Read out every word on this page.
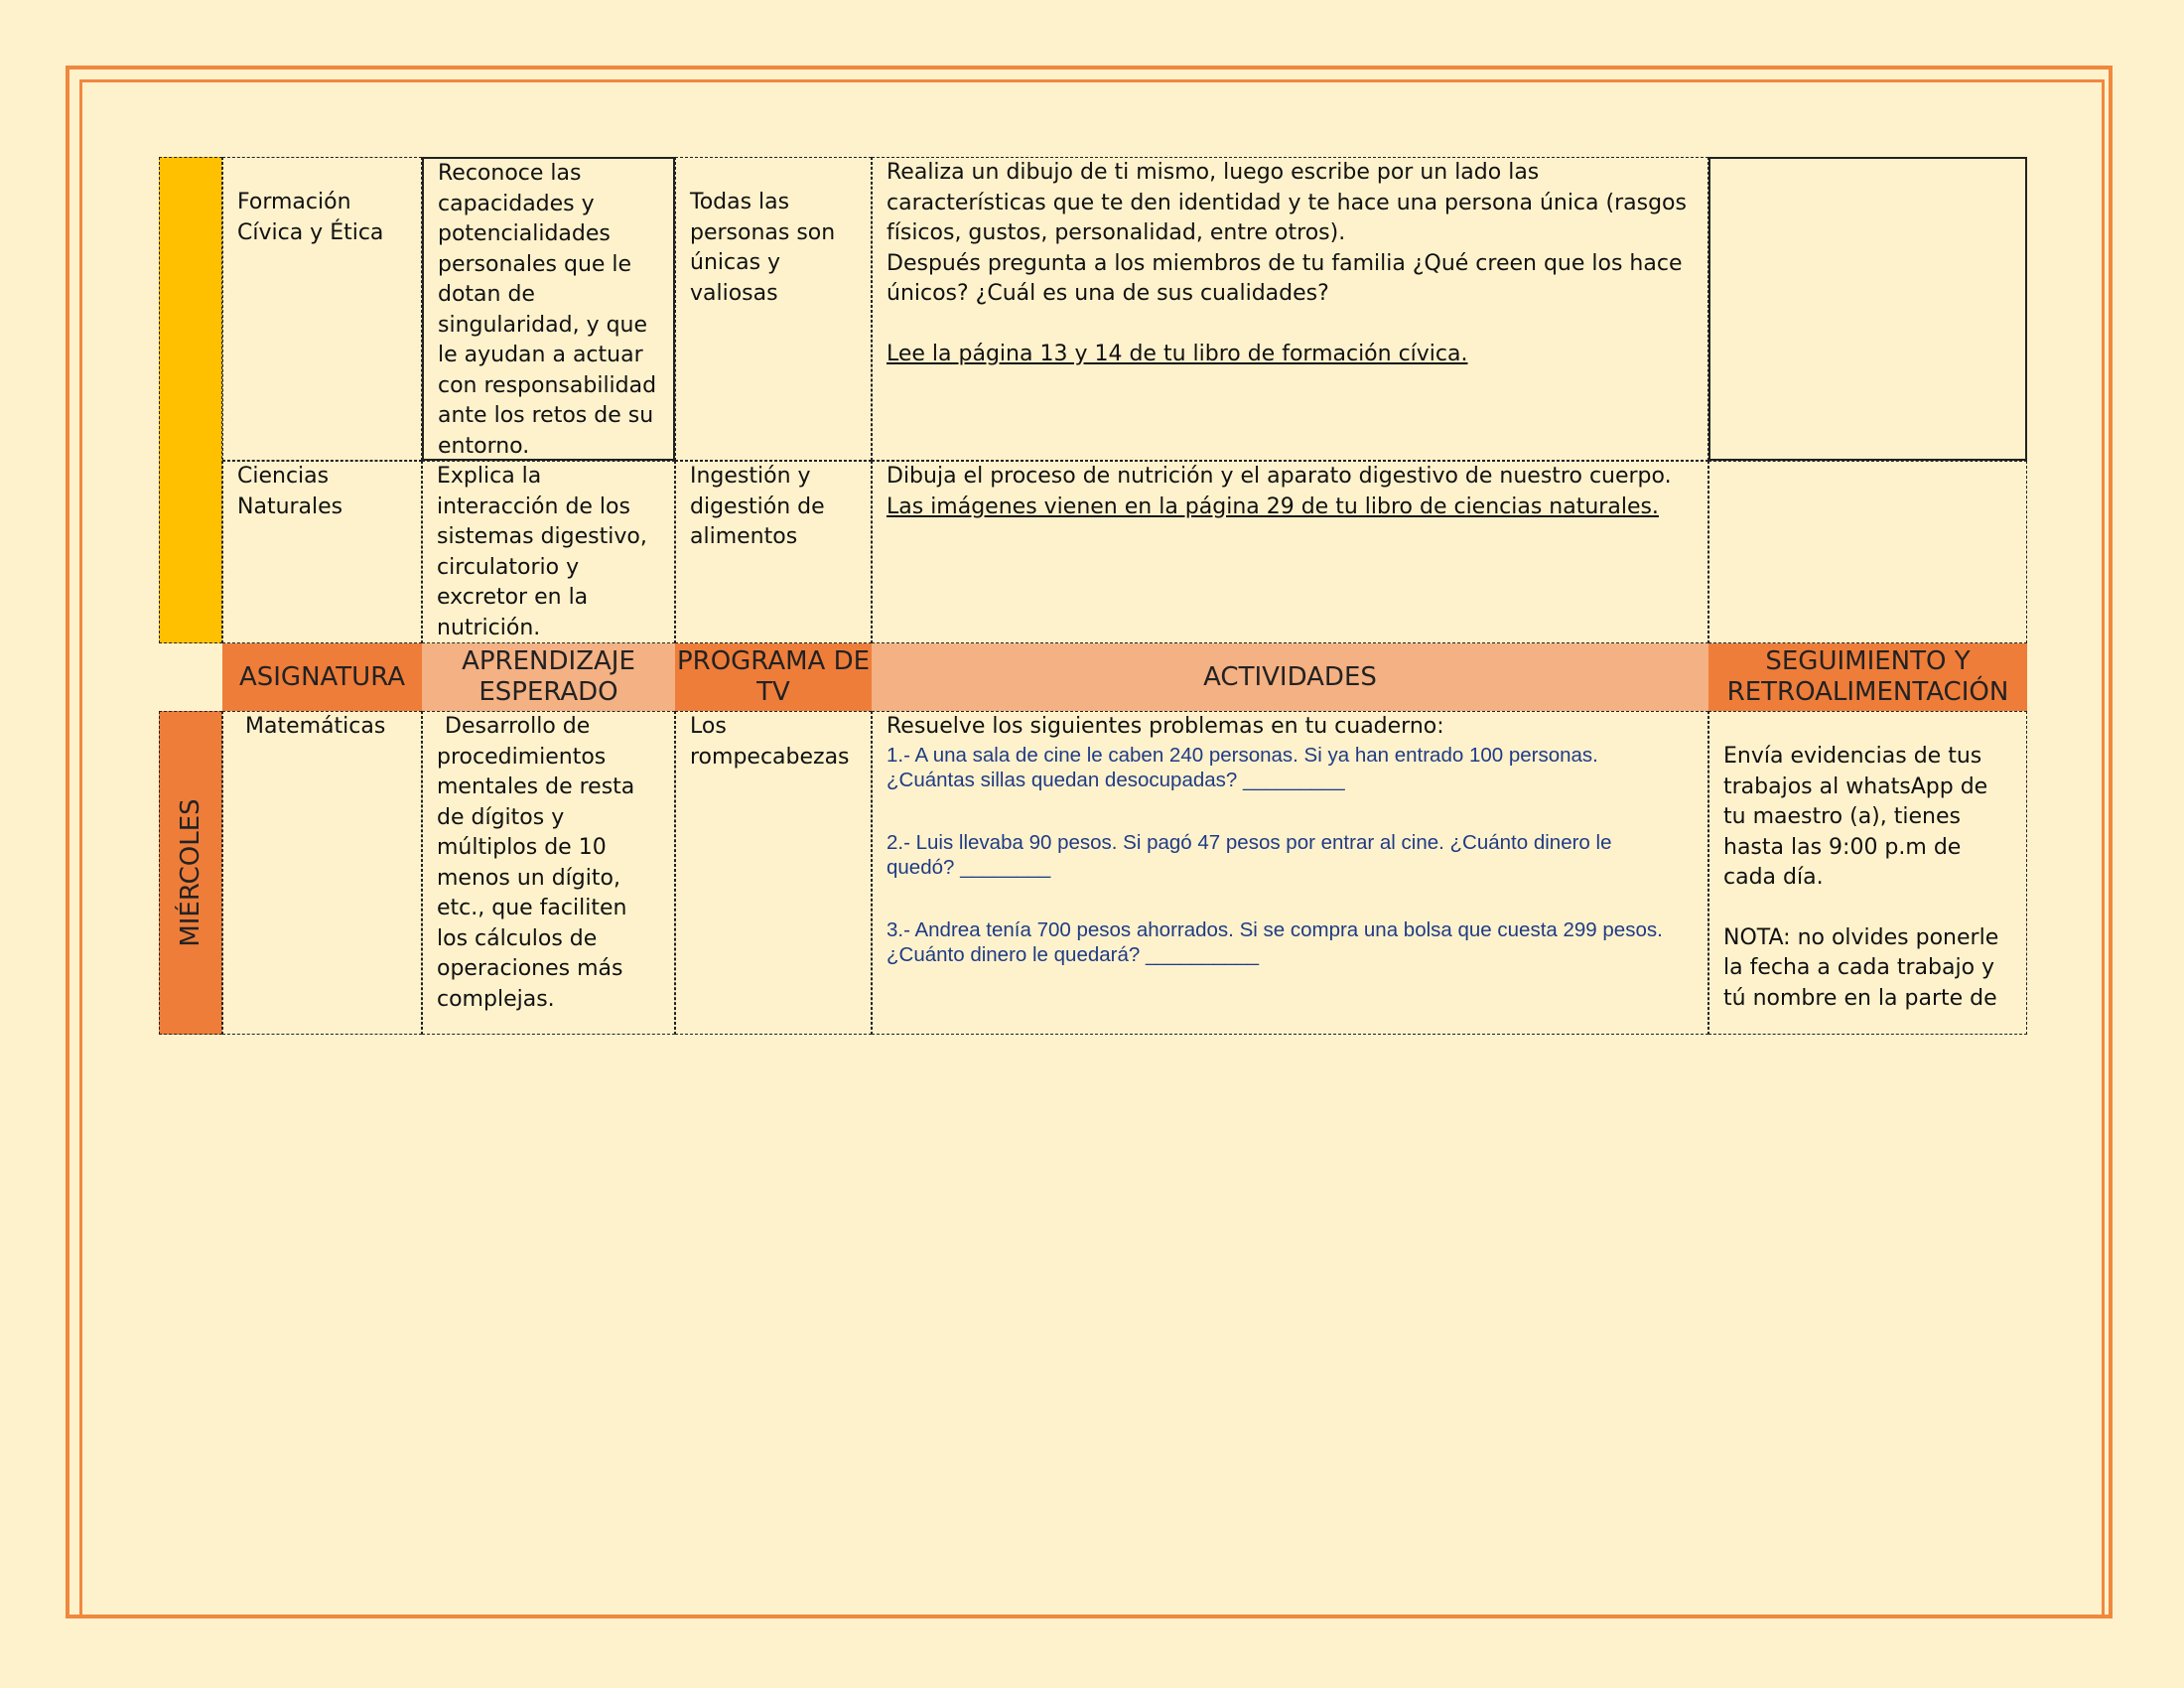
Formación Cívica y Ética

Reconoce las capacidades y potencialidades personales que le dotan de singularidad, y que le ayudan a actuar con responsabilidad ante los retos de su entorno.

Todas las personas son únicas y valiosas

Realiza un dibujo de ti mismo, luego escribe por un lado las características que te den identidad y te hace una persona única (rasgos físicos, gustos, personalidad, entre otros).

Después pregunta a los miembros de tu familia ¿Qué creen que los hace únicos? ¿Cuál es una de sus cualidades?

Lee la página 13 y 14 de tu libro de formación cívica.

Ciencias Naturales

Explica la interacción de los sistemas digestivo, circulatorio y excretor en la nutrición.

Ingestión y digestión de alimentos

Dibuja el proceso de nutrición y el aparato digestivo de nuestro cuerpo.

Las imágenes vienen en la página 29 de tu libro de ciencias naturales.

ASIGNATURA
APRENDIZAJE ESPERADO
PROGRAMA DE TV
ACTIVIDADES
SEGUIMIENTO Y RETROALIMENTACIÓN
MIÉRCOLES

Matemáticas	Desarrollo de procedimientos mentales de resta de dígitos y múltiplos de 10 menos un dígito, etc., que faciliten los cálculos de operaciones más complejas.

Los rompecabezas

Resuelve los siguientes problemas en tu cuaderno:

1.- A una sala de cine le caben 240 personas. Si ya han entrado 100 personas. ¿Cuántas sillas quedan desocupadas? _________

2.- Luis llevaba 90 pesos. Si pagó 47 pesos por entrar al cine. ¿Cuánto dinero le quedó? ________

3.- Andrea tenía 700 pesos ahorrados. Si se compra una bolsa que cuesta 299 pesos. ¿Cuánto dinero le quedará? __________

Envía evidencias de tus trabajos al whatsApp de tu maestro (a), tienes hasta las 9:00 p.m de cada día.

NOTA: no olvides ponerle la fecha a cada trabajo y tú nombre en la parte de
